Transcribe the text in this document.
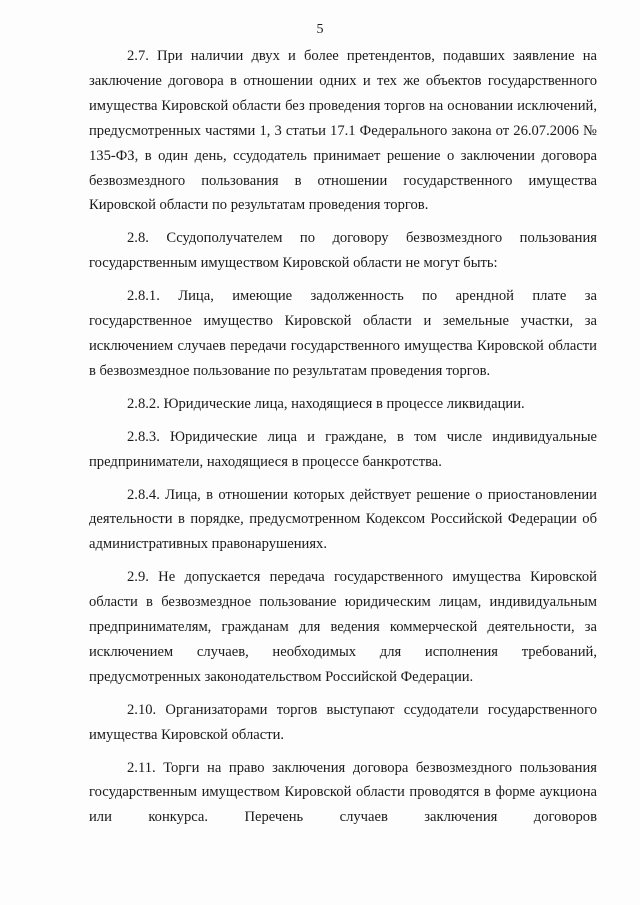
5

2.7. При наличии двух и более претендентов, подавших заявление на заключение договора в отношении одних и тех же объектов государственного имущества Кировской области без проведения торгов на основании исключений, предусмотренных частями 1, 3 статьи 17.1 Федерального закона от 26.07.2006 № 135-ФЗ, в один день, ссудодатель принимает решение о заключении договора безвозмездного пользования в отношении государственного имущества Кировской области по результатам проведения торгов.

2.8. Ссудополучателем по договору безвозмездного пользования государственным имуществом Кировской области не могут быть:

2.8.1. Лица, имеющие задолженность по арендной плате за государственное имущество Кировской области и земельные участки, за исключением случаев передачи государственного имущества Кировской области в безвозмездное пользование по результатам проведения торгов.

2.8.2. Юридические лица, находящиеся в процессе ликвидации.

2.8.3. Юридические лица и граждане, в том числе индивидуальные предприниматели, находящиеся в процессе банкротства.

2.8.4. Лица, в отношении которых действует решение о приостановлении деятельности в порядке, предусмотренном Кодексом Российской Федерации об административных правонарушениях.

2.9. Не допускается передача государственного имущества Кировской области в безвозмездное пользование юридическим лицам, индивидуальным предпринимателям, гражданам для ведения коммерческой деятельности, за исключением случаев, необходимых для исполнения требований, предусмотренных законодательством Российской Федерации.

2.10. Организаторами торгов выступают ссудодатели государственного имущества Кировской области.

2.11. Торги на право заключения договора безвозмездного пользования государственным имуществом Кировской области проводятся в форме аукциона или конкурса. Перечень случаев заключения договоров
